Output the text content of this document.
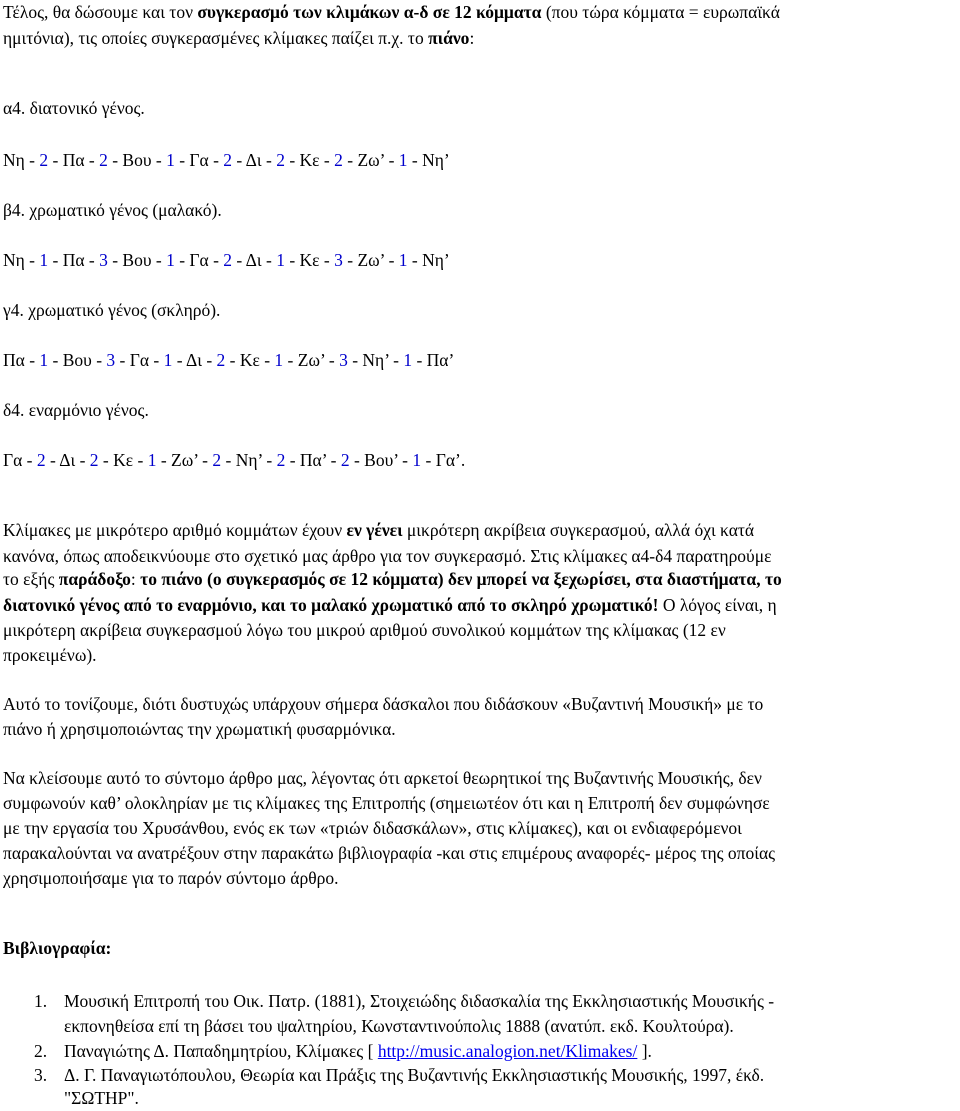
Τέλος, θα δώσουμε και τον συγκερασμό των κλιμάκων α-δ σε 12 κόμματα (που τώρα κόμματα = ευρωπαϊκά
ημιτόνια), τις οποίες συγκερασμένες κλίμακες παίζει π.χ. το πιάνο:
α4. διατονικό γένος.
Νη - 2 - Πα - 2 - Βου - 1 - Γα - 2 - Δι - 2 - Κε - 2 - Ζω’ - 1 - Νη’
β4. χρωματικό γένος (μαλακό).
Νη - 1 - Πα - 3 - Βου - 1 - Γα - 2 - Δι - 1 - Κε - 3 - Ζω’ - 1 - Νη’
γ4. χρωματικό γένος (σκληρό).
Πα - 1 - Βου - 3 - Γα - 1 - Δι - 2 - Κε - 1 - Ζω’ - 3 - Νη’ - 1 - Πα’
δ4. εναρμόνιο γένος.
Γα - 2 - Δι - 2 - Κε - 1 - Ζω’ - 2 - Νη’ - 2 - Πα’ - 2 - Βου’ - 1 - Γα’.
Κλίμακες με μικρότερο αριθμό κομμάτων έχουν εν γένει μικρότερη ακρίβεια συγκερασμού, αλλά όχι κατά
κανόνα, όπως αποδεικνύουμε στο σχετικό μας άρθρο για τον συγκερασμό. Στις κλίμακες α4-δ4 παρατηρούμε
το εξής παράδοξο: το πιάνο (ο συγκερασμός σε 12 κόμματα) δεν μπορεί να ξεχωρίσει, στα διαστήματα, το
διατονικό γένος από το εναρμόνιο, και το μαλακό χρωματικό από το σκληρό χρωματικό! Ο λόγος είναι, η
μικρότερη ακρίβεια συγκερασμού λόγω του μικρού αριθμού συνολικού κομμάτων της κλίμακας (12 εν
προκειμένω).
Αυτό το τονίζουμε, διότι δυστυχώς υπάρχουν σήμερα δάσκαλοι που διδάσκουν «Βυζαντινή Μουσική» με το
πιάνο ή χρησιμοποιώντας την χρωματική φυσαρμόνικα.
Να κλείσουμε αυτό το σύντομο άρθρο μας, λέγοντας ότι αρκετοί θεωρητικοί της Βυζαντινής Μουσικής, δεν
συμφωνούν καθ’ ολοκληρίαν με τις κλίμακες της Επιτροπής (σημειωτέον ότι και η Επιτροπή δεν συμφώνησε
με την εργασία του Χρυσάνθου, ενός εκ των «τριών διδασκάλων», στις κλίμακες), και οι ενδιαφερόμενοι
παρακαλούνται να ανατρέξουν στην παρακάτω βιβλιογραφία -και στις επιμέρους αναφορές- μέρος της οποίας
χρησιμοποιήσαμε για το παρόν σύντομο άρθρο.
Βιβλιογραφία:
1. Μουσική Επιτροπή του Οικ. Πατρ. (1881), Στοιχειώδης διδασκαλία της Εκκλησιαστικής Μουσικής -
εκπονηθείσα επί τη βάσει του ψαλτηρίου, Κωνσταντινούπολις 1888 (ανατύπ. εκδ. Κουλτούρα).
2. Παναγιώτης Δ. Παπαδημητρίου, Κλίμακες [ http://music.analogion.net/Klimakes/ ].
3. Δ. Γ. Παναγιωτόπουλου, Θεωρία και Πράξις της Βυζαντινής Εκκλησιαστικής Μουσικής, 1997, έκδ.
"ΣΩΤΗΡ".
